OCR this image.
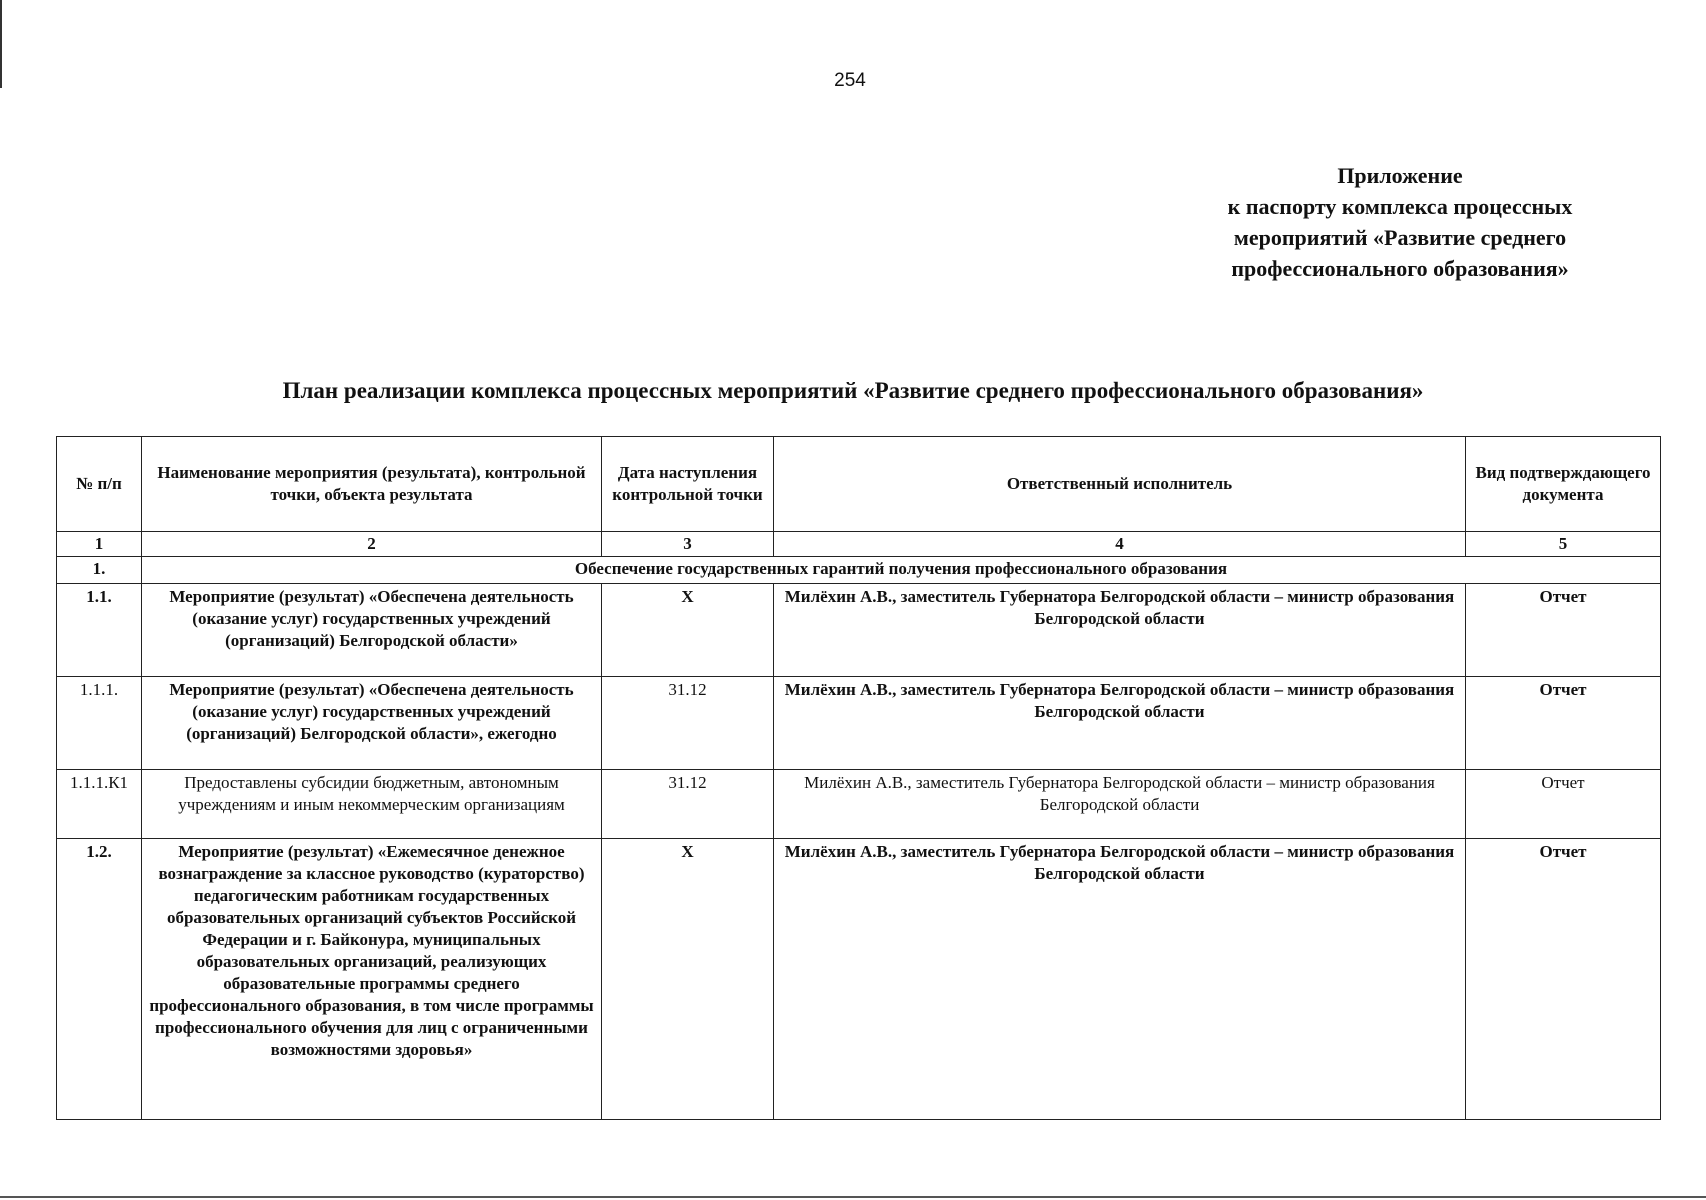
254
Приложение
к паспорту комплекса процессных
мероприятий «Развитие среднего
профессионального образования»
План реализации комплекса процессных мероприятий «Развитие среднего профессионального образования»
№ п/п	Наименование мероприятия (результата), контрольной точки, объекта результата	Дата наступления контрольной точки	Ответственный исполнитель	Вид подтверждающего документа
1	2	3	4	5
1.	Обеспечение государственных гарантий получения профессионального образования			
1.1.	Мероприятие (результат) «Обеспечена деятельность (оказание услуг) государственных учреждений (организаций) Белгородской области»	Х	Милёхин А.В., заместитель Губернатора Белгородской области – министр образования Белгородской области	Отчет
1.1.1.	Мероприятие (результат) «Обеспечена деятельность (оказание услуг) государственных учреждений (организаций) Белгородской области», ежегодно	31.12	Милёхин А.В., заместитель Губернатора Белгородской области – министр образования Белгородской области	Отчет
1.1.1.К1	Предоставлены субсидии бюджетным, автономным учреждениям и иным некоммерческим организациям	31.12	Милёхин А.В., заместитель Губернатора Белгородской области – министр образования Белгородской области	Отчет
1.2.	Мероприятие (результат) «Ежемесячное денежное вознаграждение за классное руководство (кураторство) педагогическим работникам государственных образовательных организаций субъектов Российской Федерации и г. Байконура, муниципальных образовательных организаций, реализующих образовательные программы среднего профессионального образования, в том числе программы профессионального обучения для лиц с ограниченными возможностями здоровья»	Х	Милёхин А.В., заместитель Губернатора Белгородской области – министр образования Белгородской области	Отчет
